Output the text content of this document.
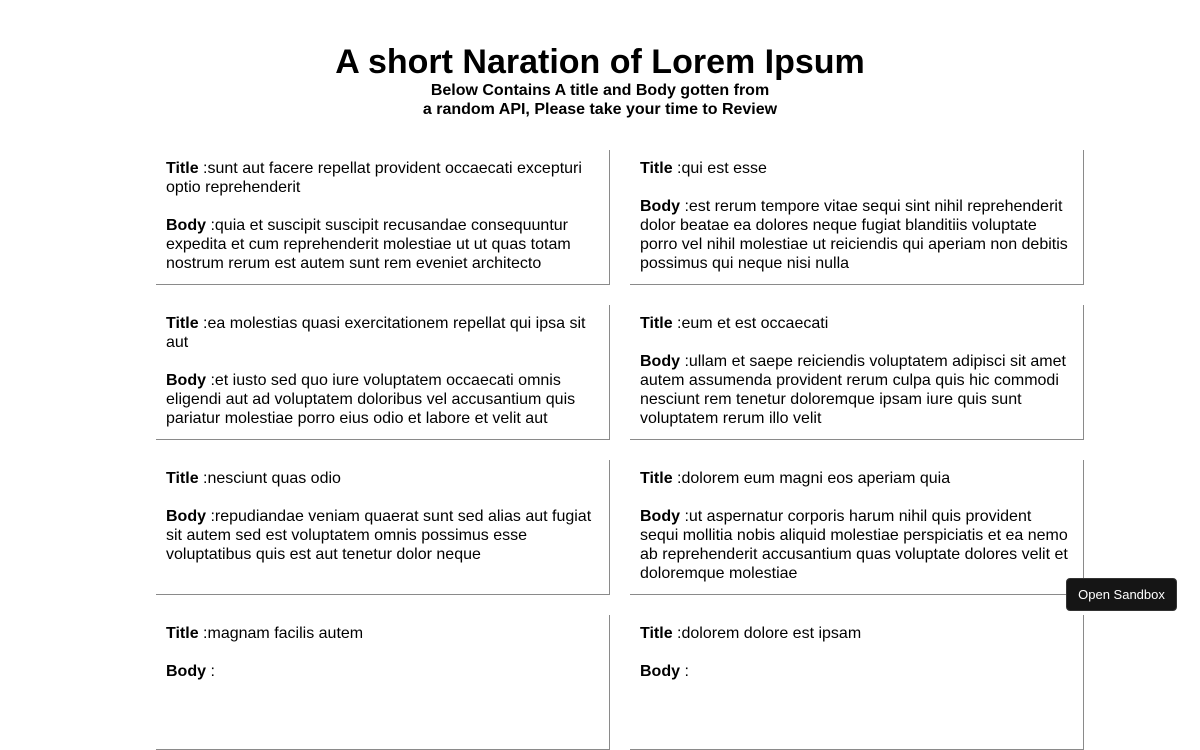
A short Naration of Lorem Ipsum
Below Contains A title and Body gotten from
a random API, Please take your time to Review

Title :sunt aut facere repellat provident occaecati excepturi optio reprehenderit

Body :quia et suscipit suscipit recusandae consequuntur expedita et cum reprehenderit molestiae ut ut quas totam nostrum rerum est autem sunt rem eveniet architecto

Title :qui est esse

Body :est rerum tempore vitae sequi sint nihil reprehenderit dolor beatae ea dolores neque fugiat blanditiis voluptate porro vel nihil molestiae ut reiciendis qui aperiam non debitis possimus qui neque nisi nulla

Title :ea molestias quasi exercitationem repellat qui ipsa sit aut

Body :et iusto sed quo iure voluptatem occaecati omnis eligendi aut ad voluptatem doloribus vel accusantium quis pariatur molestiae porro eius odio et labore et velit aut

Title :eum et est occaecati

Body :ullam et saepe reiciendis voluptatem adipisci sit amet autem assumenda provident rerum culpa quis hic commodi nesciunt rem tenetur doloremque ipsam iure quis sunt voluptatem rerum illo velit

Title :nesciunt quas odio

Body :repudiandae veniam quaerat sunt sed alias aut fugiat sit autem sed est voluptatem omnis possimus esse voluptatibus quis est aut tenetur dolor neque

Title :dolorem eum magni eos aperiam quia

Body :ut aspernatur corporis harum nihil quis provident sequi mollitia nobis aliquid molestiae perspiciatis et ea nemo ab reprehenderit accusantium quas voluptate dolores velit et doloremque molestiae

Title :magnam facilis autem

Body :

Title :dolorem dolore est ipsam

Body :

Open Sandbox
